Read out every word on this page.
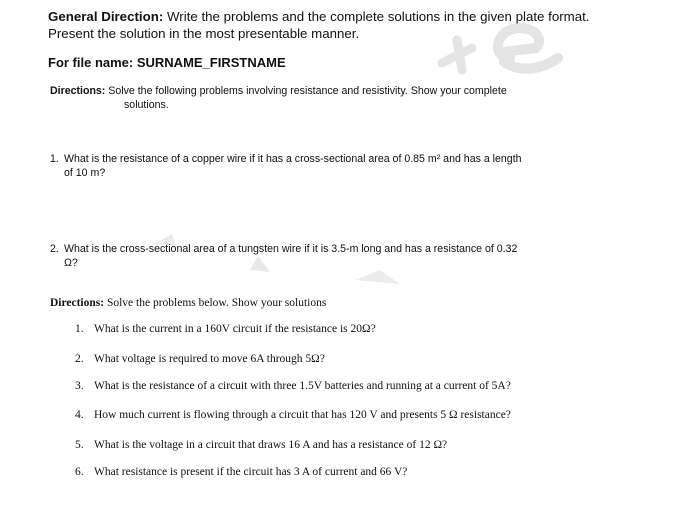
General Direction: Write the problems and the complete solutions in the given plate format. Present the solution in the most presentable manner.
For file name: SURNAME_FIRSTNAME
Directions: Solve the following problems involving resistance and resistivity. Show your complete
solutions.
1. What is the resistance of a copper wire if it has a cross-sectional area of 0.85 m² and has a length
of 10 m?
2. What is the cross-sectional area of a tungsten wire if it is 3.5-m long and has a resistance of 0.32
Ω?
Directions: Solve the problems below. Show your solutions
1. What is the current in a 160V circuit if the resistance is 20Ω?
2. What voltage is required to move 6A through 5Ω?
3. What is the resistance of a circuit with three 1.5V batteries and running at a current of 5A?
4. How much current is flowing through a circuit that has 120 V and presents 5 Ω resistance?
5. What is the voltage in a circuit that draws 16 A and has a resistance of 12 Ω?
6. What resistance is present if the circuit has 3 A of current and 66 V?
